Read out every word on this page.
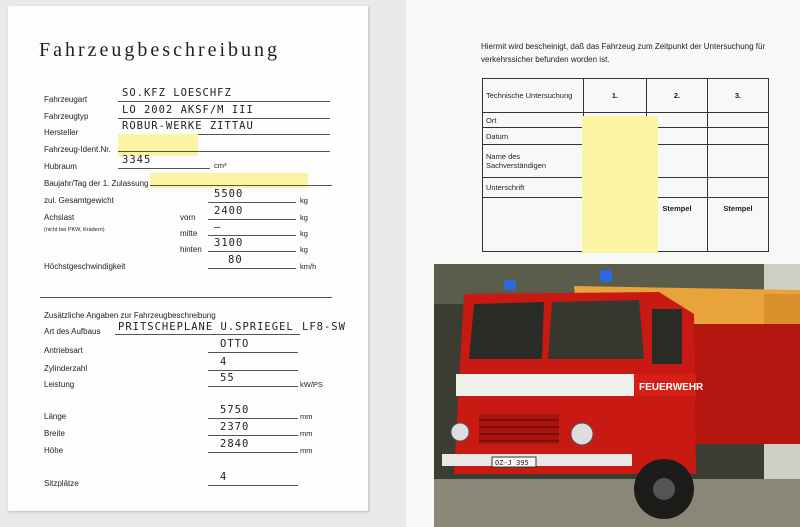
Fahrzeugbeschreibung
Fahrzeugart
SO.KFZ LOESCHFZ
Fahrzeugtyp
LO 2002 AKSF/M III
Hersteller
ROBUR-WERKE ZITTAU
Fahrzeug-Ident.Nr.
Hubraum
3345	cm³
Baujahr/Tag der 1. Zulassung
zul. Gesamtgewicht
5500
kg
Achslast
(nicht bei PKW, Krädern)
vorn
2400
kg
mitte
–
kg
hinten
3100
kg
Höchstgeschwindigkeit
80
km/h
Zusätzliche Angaben zur Fahrzeugbeschreibung
Art des Aufbaus PRITSCHEPLANE U.SPRIEGEL LF8-SW
Antriebsart
OTTO
Zylinderzahl
4
Leistung
55
kW/PS
Länge
5750
mm
Breite
2370
mm
Höhe
2840
mm
Sitzplätze
4
Hiermit wird bescheinigt, daß das Fahrzeug zum Zeitpunkt der Untersuchung für verkehrssicher befunden worden ist.
Technische Untersuchung	1.	2.	3.
Ort			
Datum			
Name des Sachverständigen			
Unterschrift			
		Stempel	Stempel
FEUERWEHR
OZ-J 395
